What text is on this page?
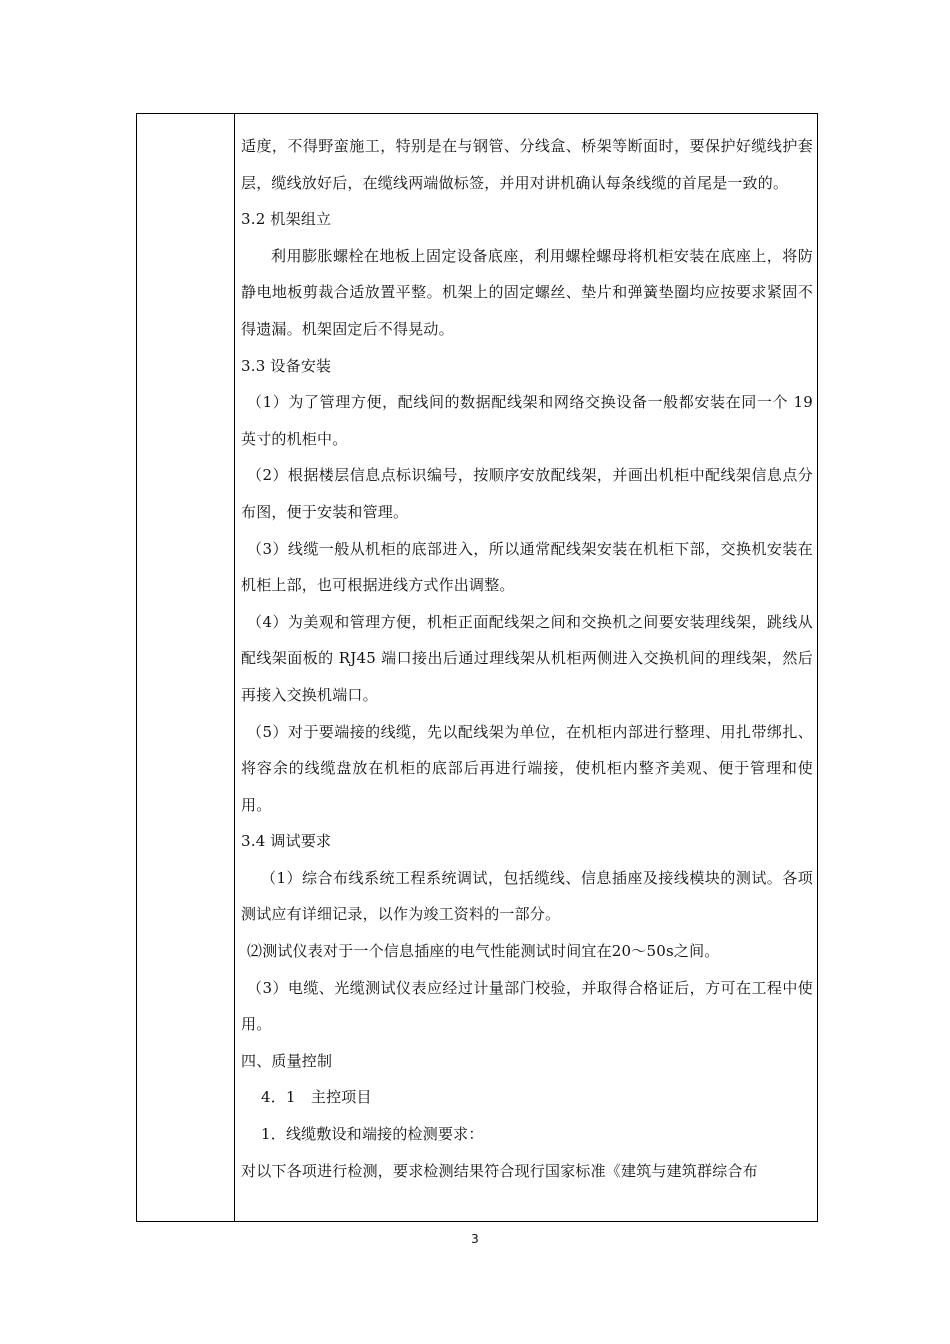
适度，不得野蛮施工，特别是在与钢管、分线盒、桥架等断面时，要保护好缆线护套层，缆线放好后，在缆线两端做标签，并用对讲机确认每条线缆的首尾是一致的。

3.2 机架组立

利用膨胀螺栓在地板上固定设备底座，利用螺栓螺母将机柜安装在底座上，将防静电地板剪裁合适放置平整。机架上的固定螺丝、垫片和弹簧垫圈均应按要求紧固不得遗漏。机架固定后不得晃动。

3.3 设备安装

（1）为了管理方便，配线间的数据配线架和网络交换设备一般都安装在同一个 19 英寸的机柜中。

（2）根据楼层信息点标识编号，按顺序安放配线架，并画出机柜中配线架信息点分布图，便于安装和管理。

（3）线缆一般从机柜的底部进入，所以通常配线架安装在机柜下部，交换机安装在机柜上部，也可根据进线方式作出调整。

（4）为美观和管理方便，机柜正面配线架之间和交换机之间要安装理线架，跳线从配线架面板的 RJ45 端口接出后通过理线架从机柜两侧进入交换机间的理线架，然后再接入交换机端口。

（5）对于要端接的线缆，先以配线架为单位，在机柜内部进行整理、用扎带绑扎、将容余的线缆盘放在机柜的底部后再进行端接，使机柜内整齐美观、便于管理和使用。

3.4 调试要求

（1）综合布线系统工程系统调试，包括缆线、信息插座及接线模块的测试。各项测试应有详细记录，以作为竣工资料的一部分。

⑵测试仪表对于一个信息插座的电气性能测试时间宜在20～50s之间。

（3）电缆、光缆测试仪表应经过计量部门校验，并取得合格证后，方可在工程中使用。

四、质量控制

4．1　主控项目

1．线缆敷设和端接的检测要求：

对以下各项进行检测，要求检测结果符合现行国家标准《建筑与建筑群综合布

3
